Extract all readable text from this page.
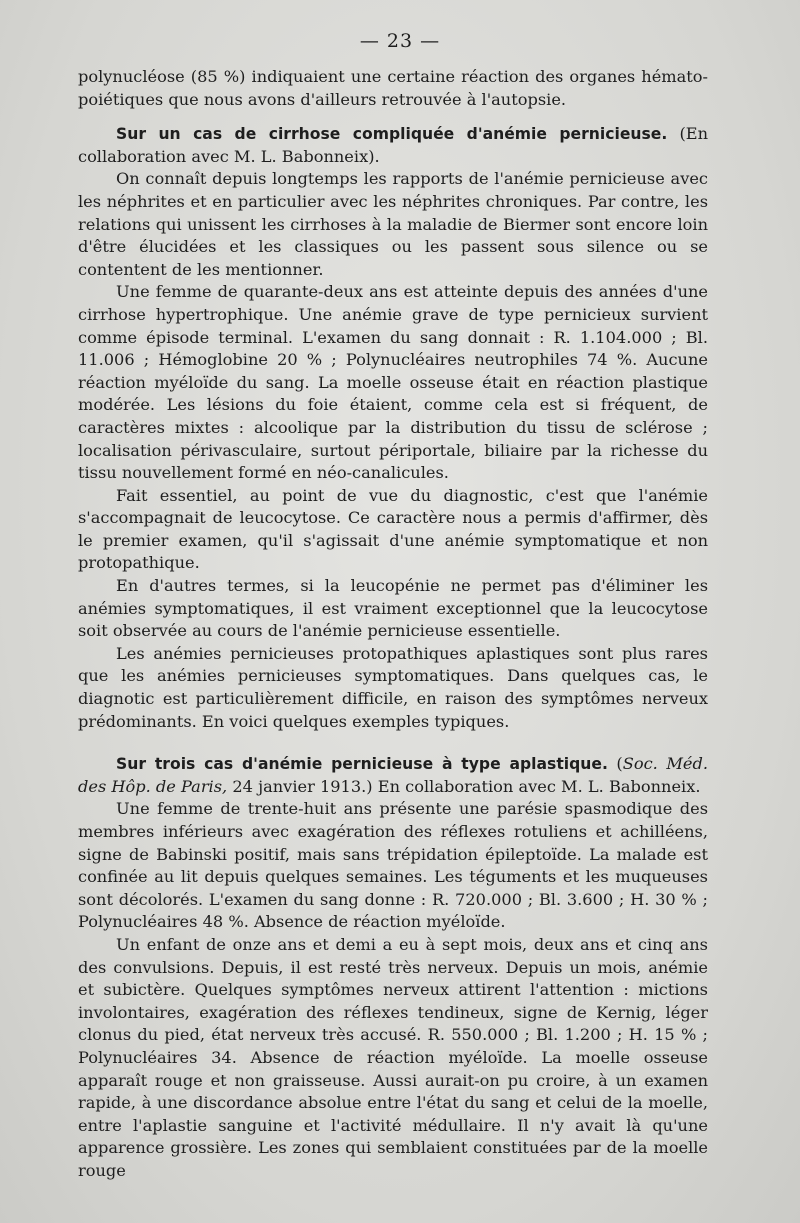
— 23 —

polynucléose (85 %) indiquaient une certaine réaction des organes hémato-poiétiques que nous avons d'ailleurs retrouvée à l'autopsie.

Sur un cas de cirrhose compliquée d'anémie pernicieuse. (En collaboration avec M. L. Babonneix).

On connaît depuis longtemps les rapports de l'anémie pernicieuse avec les néphrites et en particulier avec les néphrites chroniques. Par contre, les relations qui unissent les cirrhoses à la maladie de Biermer sont encore loin d'être élucidées et les classiques ou les passent sous silence ou se contentent de les mentionner.

Une femme de quarante-deux ans est atteinte depuis des années d'une cirrhose hypertrophique. Une anémie grave de type pernicieux survient comme épisode terminal. L'examen du sang donnait : R. 1.104.000 ; Bl. 11.006 ; Hémoglobine 20 % ; Polynucléaires neutrophiles 74 %. Aucune réaction myéloïde du sang. La moelle osseuse était en réaction plastique modérée. Les lésions du foie étaient, comme cela est si fréquent, de caractères mixtes : alcoolique par la distribution du tissu de sclérose ; localisation périvasculaire, surtout périportale, biliaire par la richesse du tissu nouvellement formé en néo-canalicules.

Fait essentiel, au point de vue du diagnostic, c'est que l'anémie s'accompagnait de leucocytose. Ce caractère nous a permis d'affirmer, dès le premier examen, qu'il s'agissait d'une anémie symptomatique et non protopathique.

En d'autres termes, si la leucopénie ne permet pas d'éliminer les anémies symptomatiques, il est vraiment exceptionnel que la leucocytose soit observée au cours de l'anémie pernicieuse essentielle.

Les anémies pernicieuses protopathiques aplastiques sont plus rares que les anémies pernicieuses symptomatiques. Dans quelques cas, le diagnotic est particulièrement difficile, en raison des symptômes nerveux prédominants. En voici quelques exemples typiques.

Sur trois cas d'anémie pernicieuse à type aplastique. (Soc. Méd. des Hôp. de Paris, 24 janvier 1913.) En collaboration avec M. L. Babonneix.

Une femme de trente-huit ans présente une parésie spasmodique des membres inférieurs avec exagération des réflexes rotuliens et achilléens, signe de Babinski positif, mais sans trépidation épileptoïde. La malade est confinée au lit depuis quelques semaines. Les téguments et les muqueuses sont décolorés. L'examen du sang donne : R. 720.000 ; Bl. 3.600 ; H. 30 % ; Polynucléaires 48 %. Absence de réaction myéloïde.

Un enfant de onze ans et demi a eu à sept mois, deux ans et cinq ans des convulsions. Depuis, il est resté très nerveux. Depuis un mois, anémie et subictère. Quelques symptômes nerveux attirent l'attention : mictions involontaires, exagération des réflexes tendineux, signe de Kernig, léger clonus du pied, état nerveux très accusé. R. 550.000 ; Bl. 1.200 ; H. 15 % ; Polynucléaires 34. Absence de réaction myéloïde. La moelle osseuse apparaît rouge et non graisseuse. Aussi aurait-on pu croire, à un examen rapide, à une discordance absolue entre l'état du sang et celui de la moelle, entre l'aplastie sanguine et l'activité médullaire. Il n'y avait là qu'une apparence grossière. Les zones qui semblaient constituées par de la moelle rouge
